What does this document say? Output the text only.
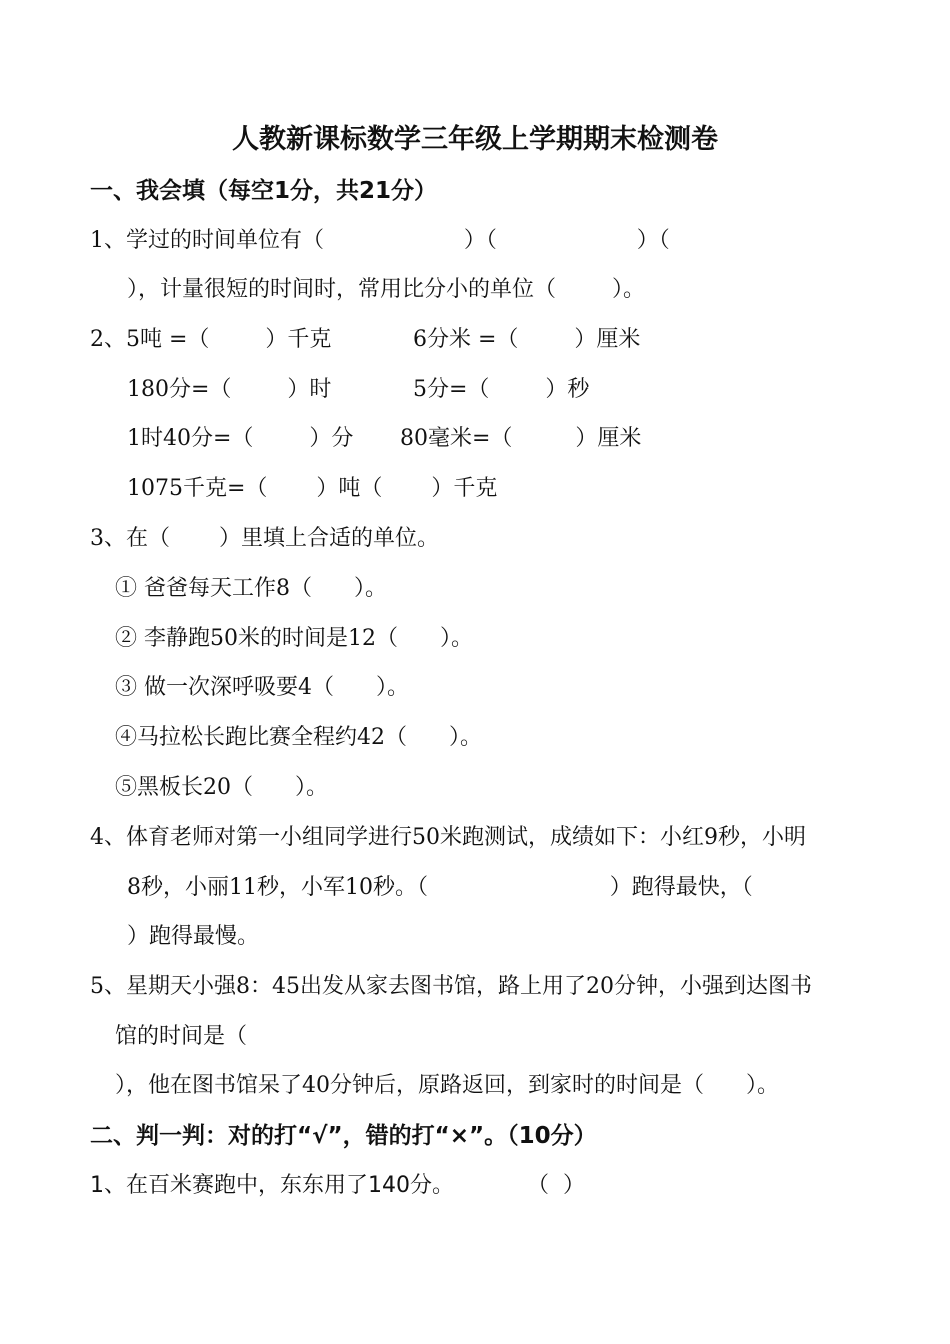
人教新课标数学三年级上学期期末检测卷
一、我会填（每空1分，共21分）
1、学过的时间单位有（                    ）（                    ）（
），计量很短的时间时，常用比分小的单位（        ）。
2、5吨 =（        ）千克	6分米 =（        ）厘米
180分=（        ）时	5分=（        ）秒
1时40分=（        ）分 80毫米=（         ）厘米
1075千克=（       ）吨（       ）千克
3、在（       ）里填上合适的单位。
① 爸爸每天工作8（      ）。
② 李静跑50米的时间是12（      ）。
③ 做一次深呼吸要4（      ）。
④马拉松长跑比赛全程约42（      ）。
⑤黑板长20（      ）。
4、体育老师对第一小组同学进行50米跑测试，成绩如下：小红9秒，小明
8秒，小丽11秒，小军10秒。（                          ）跑得最快，（
）跑得最慢。
5、星期天小强8：45出发从家去图书馆，路上用了20分钟，小强到达图书
馆的时间是（
），他在图书馆呆了40分钟后，原路返回，到家时的时间是（      ）。
二、判一判：对的打“√”，错的打“×”。（10分）
1、在百米赛跑中，东东用了140分。	（  ）
